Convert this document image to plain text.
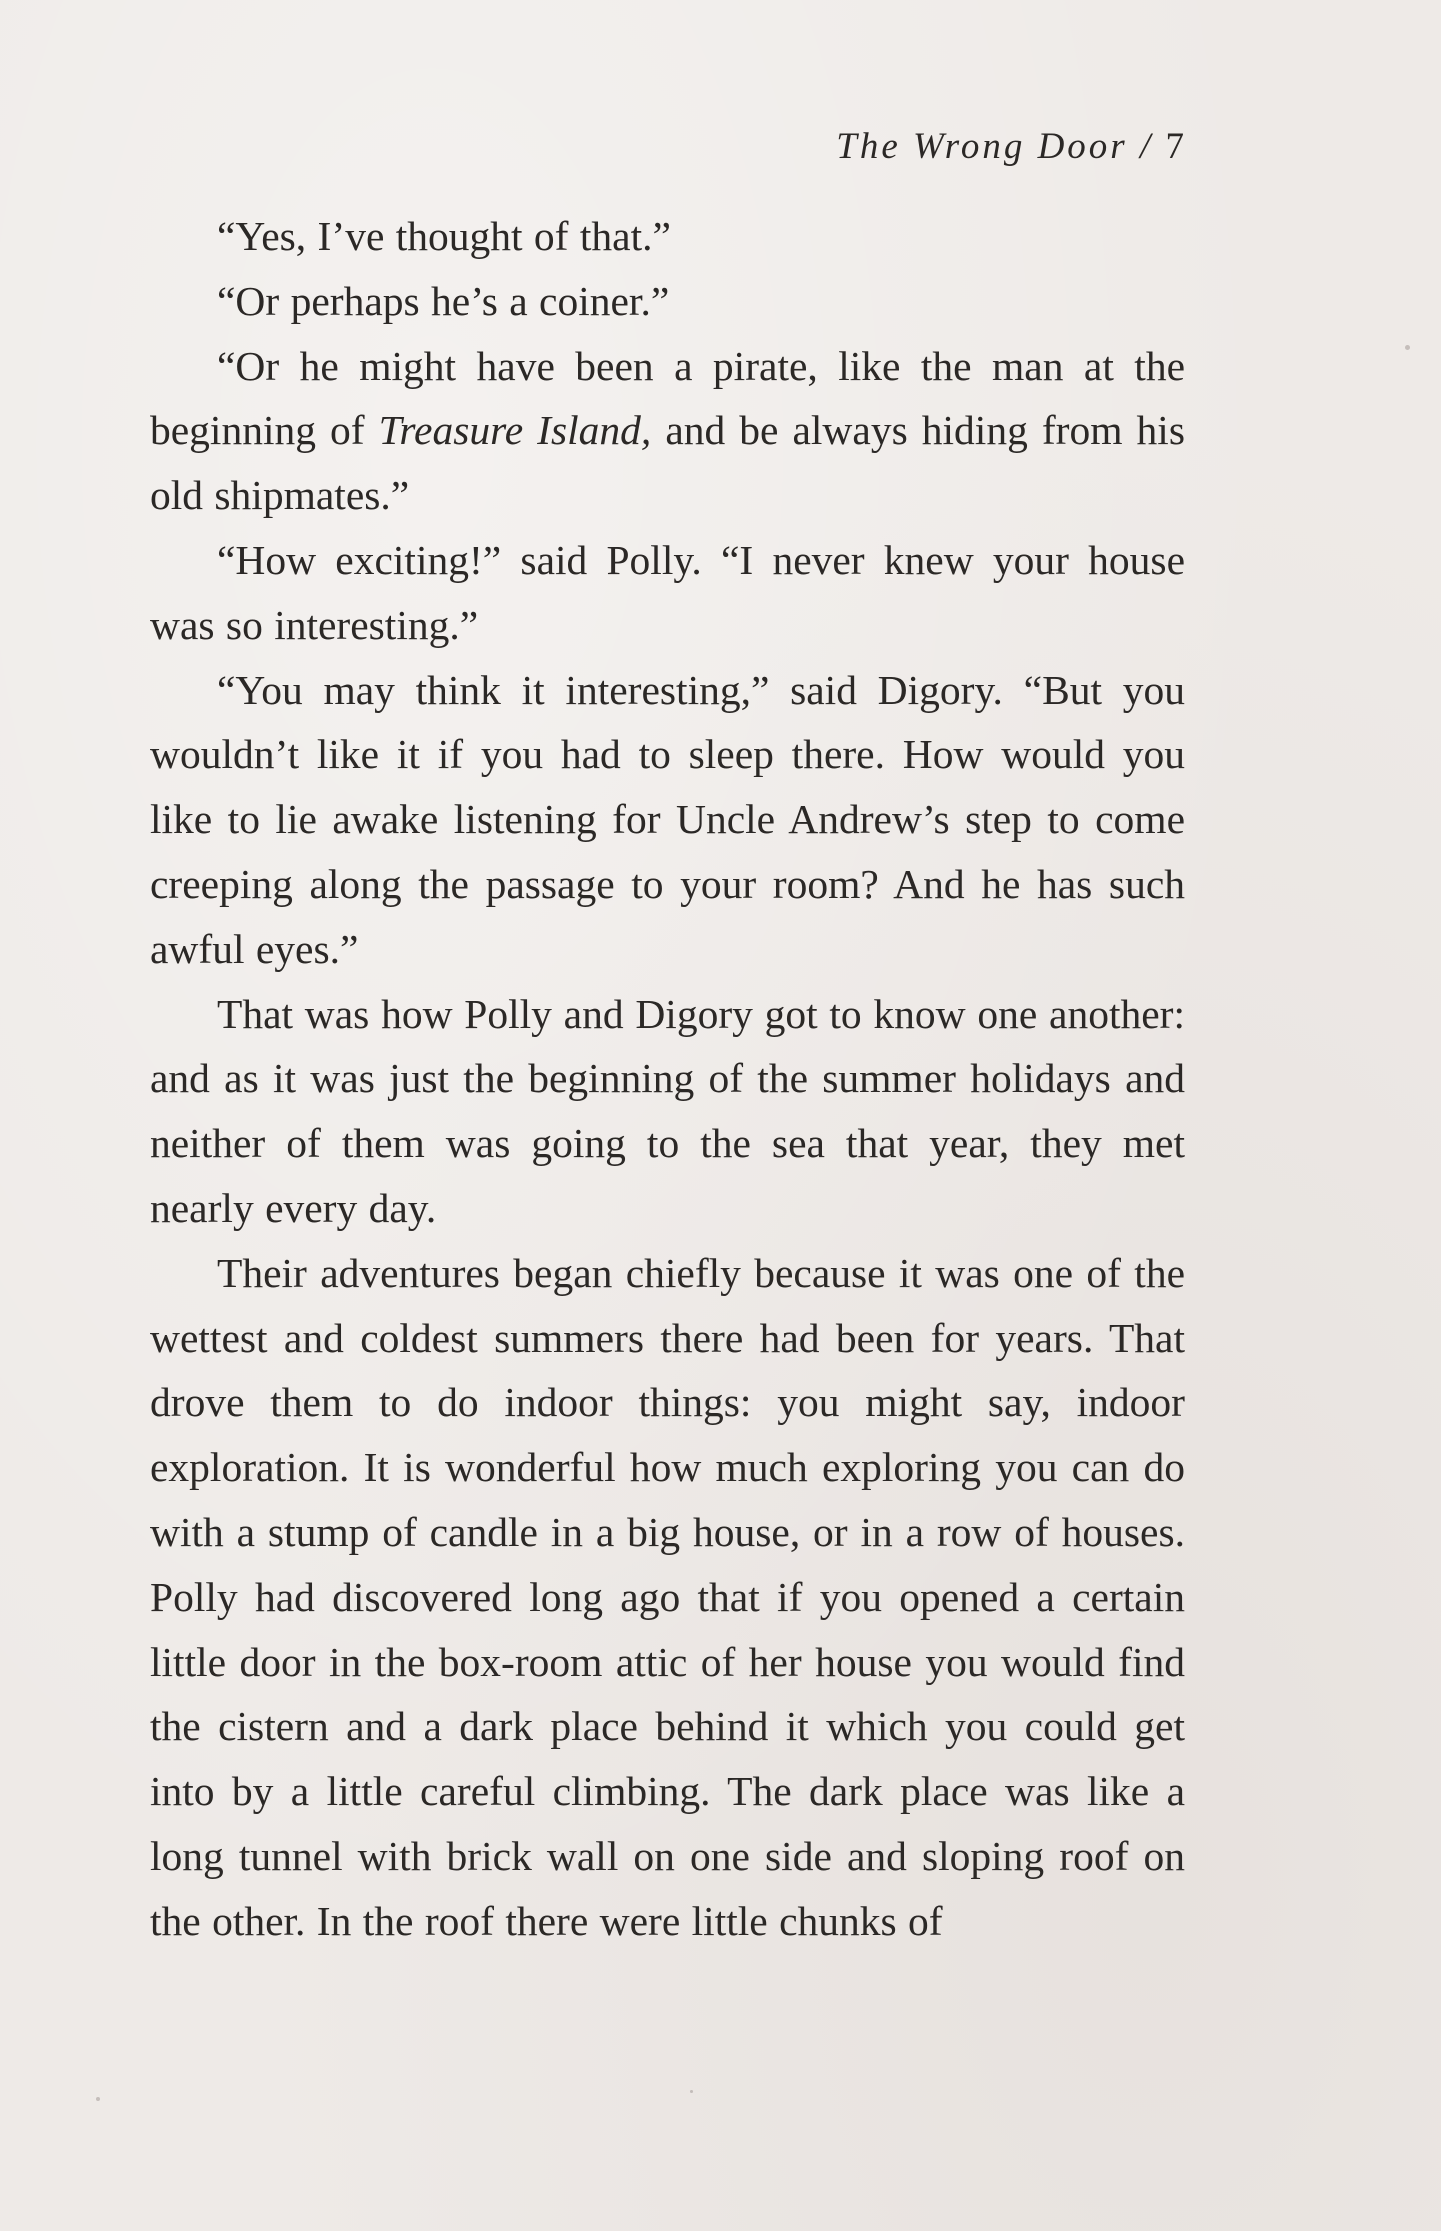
The Wrong Door / 7

“Yes, I’ve thought of that.”

“Or perhaps he’s a coiner.”

“Or he might have been a pirate, like the man at the beginning of Treasure Island, and be always hiding from his old shipmates.”

“How exciting!” said Polly. “I never knew your house was so interesting.”

“You may think it interesting,” said Digory. “But you wouldn’t like it if you had to sleep there. How would you like to lie awake listening for Uncle Andrew’s step to come creeping along the passage to your room? And he has such awful eyes.”

That was how Polly and Digory got to know one another: and as it was just the beginning of the summer holidays and neither of them was going to the sea that year, they met nearly every day.

Their adventures began chiefly because it was one of the wettest and coldest summers there had been for years. That drove them to do indoor things: you might say, indoor exploration. It is wonderful how much exploring you can do with a stump of candle in a big house, or in a row of houses. Polly had discovered long ago that if you opened a certain little door in the box-room attic of her house you would find the cistern and a dark place behind it which you could get into by a little careful climbing. The dark place was like a long tunnel with brick wall on one side and sloping roof on the other. In the roof there were little chunks of
